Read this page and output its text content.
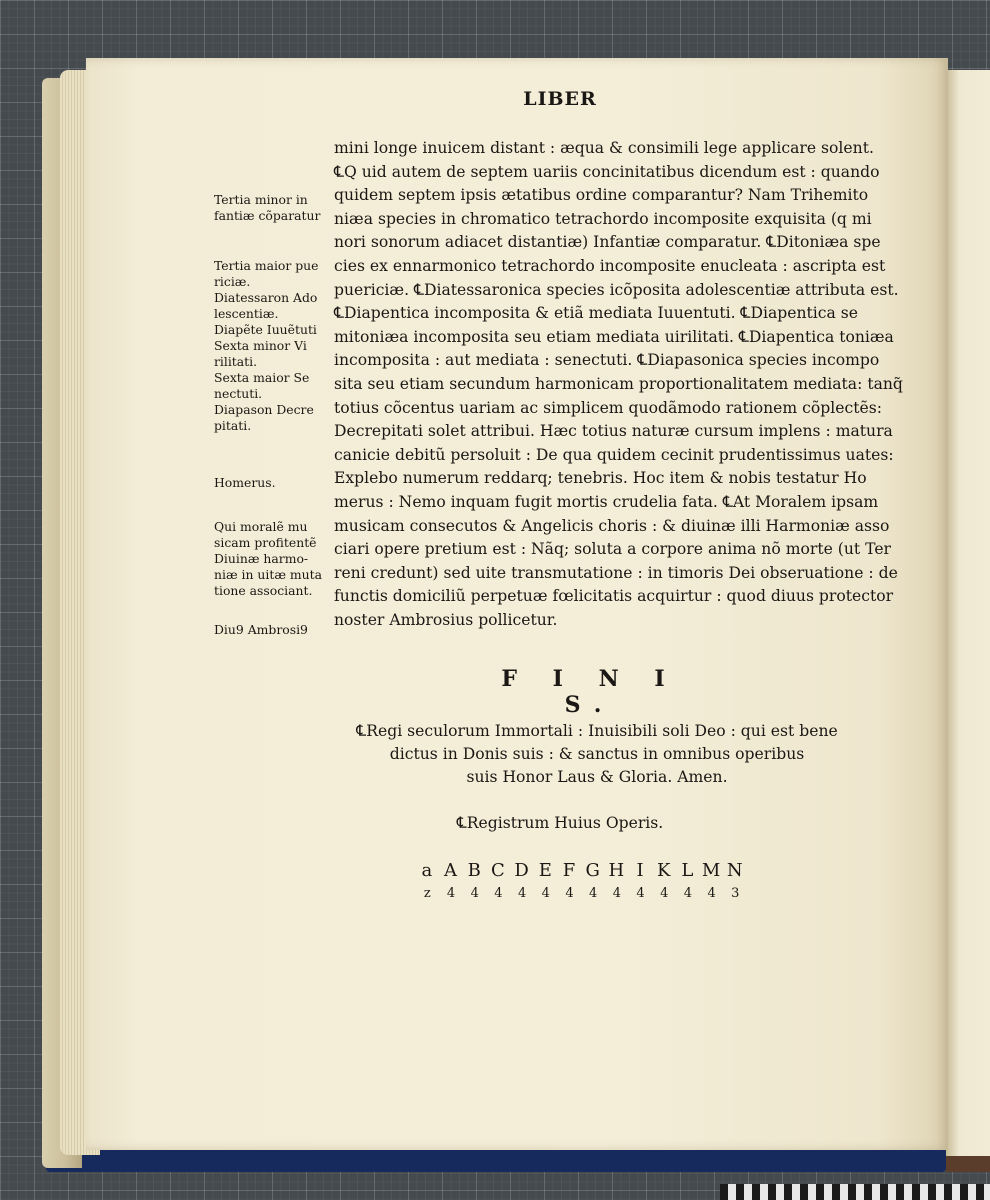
LIBER
mini longe inuicem distant : æqua & consimili lege applicare solent.
℄Q uid autem de septem uariis concinitatibus dicendum est : quando
quidem septem ipsis ætatibus ordine comparantur? Nam Trihemito
niæa species in chromatico tetrachordo incomposite exquisita (q mi
nori sonorum adiacet distantiæ) Infantiæ comparatur. ℄Ditoniæa spe
cies ex ennarmonico tetrachordo incomposite enucleata : ascripta est
puericiæ. ℄Diatessaronica species icõposita adolescentiæ attributa est.
℄Diapentica incomposita & etiã mediata Iuuentuti. ℄Diapentica se
mitoniæa incomposita seu etiam mediata uirilitati. ℄Diapentica toniæa
incomposita : aut mediata : senectuti. ℄Diapasonica species incompo
sita seu etiam secundum harmonicam proportionalitatem mediata: tanq̃
totius cõcentus uariam ac simplicem quodãmodo rationem cõplectẽs:
Decrepitati solet attribui. Hæc totius naturæ cursum implens : matura
canicie debitũ persoluit : De qua quidem cecinit prudentissimus uates:
Explebo numerum reddarq; tenebris. Hoc item & nobis testatur Ho
merus : Nemo inquam fugit mortis crudelia fata. ℄At Moralem ipsam
musicam consecutos & Angelicis choris : & diuinæ illi Harmoniæ asso
ciari opere pretium est : Nãq; soluta a corpore anima nõ morte (ut Ter
reni credunt) sed uite transmutatione : in timoris Dei obseruatione : de
functis domiciliũ perpetuæ fœlicitatis acquirtur : quod diuus protector
noster Ambrosius pollicetur.

Tertia minor in

fantiæ cõparatur

Tertia maior pue

riciæ.

Diatessaron Ado

lescentiæ.

Diapẽte Iuuẽtuti

Sexta minor Vi

rilitati.

Sexta maior Se

nectuti.

Diapason Decre

pitati.

Homerus.

Qui moralẽ mu

sicam profitentẽ

Diuinæ harmo-

niæ in uitæ muta

tione associant.

Diu9 Ambrosi9

F I N I S.
℄Regi seculorum Immortali : Inuisibili soli Deo : qui est bene
dictus in Donis suis : & sanctus in omnibus operibus
suis Honor Laus & Gloria. Amen.
℄Registrum Huius Operis.
a A B C D E F G H I K L M N
z 4 4 4 4 4 4 4 4 4 4 4 4 3
